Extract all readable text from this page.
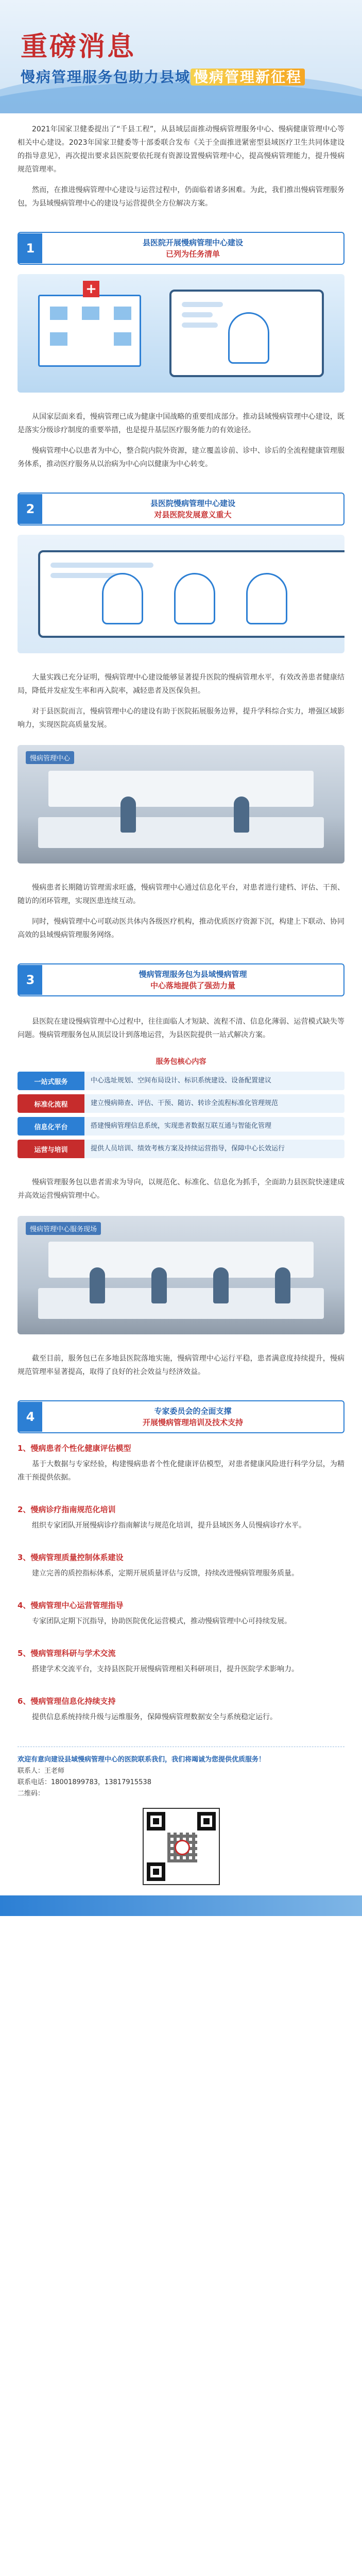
重磅消息
慢病管理服务包助力县域 慢病管理新征程

2021年国家卫健委提出了“千县工程”，从县域层面推动慢病管理服务中心、慢病健康管理中心等相关中心建设。2023年国家卫健委等十部委联合发布《关于全面推进紧密型县域医疗卫生共同体建设的指导意见》，再次提出要求县医院要依托现有资源设置慢病管理中心，提高慢病管理能力，提升慢病规范管理率。

然而，在推进慢病管理中心建设与运营过程中，仍面临着诸多困难。为此，我们推出慢病管理服务包，为县域慢病管理中心的建设与运营提供全方位解决方案。

1	县医院开展慢病管理中心建设
已列为任务清单
+

从国家层面来看，慢病管理已成为健康中国战略的重要组成部分。推动县域慢病管理中心建设，既是落实分级诊疗制度的重要举措，也是提升基层医疗服务能力的有效途径。

慢病管理中心以患者为中心，整合院内院外资源，建立覆盖诊前、诊中、诊后的全流程健康管理服务体系，推动医疗服务从以治病为中心向以健康为中心转变。

2	县医院慢病管理中心建设
对县医院发展意义重大

大量实践已充分证明，慢病管理中心建设能够显著提升医院的慢病管理水平，有效改善患者健康结局，降低并发症发生率和再入院率，减轻患者及医保负担。

对于县医院而言，慢病管理中心的建设有助于医院拓展服务边界，提升学科综合实力，增强区域影响力，实现医院高质量发展。

慢病管理中心

慢病患者长期随访管理需求旺盛，慢病管理中心通过信息化平台，对患者进行建档、评估、干预、随访的闭环管理，实现医患连续互动。

同时，慢病管理中心可联动医共体内各级医疗机构，推动优质医疗资源下沉，构建上下联动、协同高效的县域慢病管理服务网络。

3	慢病管理服务包为县域慢病管理
中心落地提供了强劲力量

县医院在建设慢病管理中心过程中，往往面临人才短缺、流程不清、信息化薄弱、运营模式缺失等问题。慢病管理服务包从顶层设计到落地运营，为县医院提供一站式解决方案。

服务包核心内容
一站式服务	中心选址规划、空间布局设计、标识系统建设、设备配置建议
标准化流程	建立慢病筛查、评估、干预、随访、转诊全流程标准化管理规范
信息化平台	搭建慢病管理信息系统，实现患者数据互联互通与智能化管理
运营与培训	提供人员培训、绩效考核方案及持续运营指导，保障中心长效运行

慢病管理服务包以患者需求为导向，以规范化、标准化、信息化为抓手，全面助力县医院快速建成并高效运营慢病管理中心。

慢病管理中心服务现场

截至目前，服务包已在多地县医院落地实施，慢病管理中心运行平稳，患者满意度持续提升，慢病规范管理率显著提高，取得了良好的社会效益与经济效益。

4	专家委员会的全面支撑
开展慢病管理培训及技术支持
1、慢病患者个性化健康评估模型

基于大数据与专家经验，构建慢病患者个性化健康评估模型，对患者健康风险进行科学分层，为精准干预提供依据。

2、慢病诊疗指南规范化培训

组织专家团队开展慢病诊疗指南解读与规范化培训，提升县域医务人员慢病诊疗水平。

3、慢病管理质量控制体系建设

建立完善的质控指标体系，定期开展质量评估与反馈，持续改进慢病管理服务质量。

4、慢病管理中心运营管理指导

专家团队定期下沉指导，协助医院优化运营模式，推动慢病管理中心可持续发展。

5、慢病管理科研与学术交流

搭建学术交流平台，支持县医院开展慢病管理相关科研项目，提升医院学术影响力。

6、慢病管理信息化持续支持

提供信息系统持续升级与运维服务，保障慢病管理数据安全与系统稳定运行。

欢迎有意向建设县域慢病管理中心的医院联系我们，我们将竭诚为您提供优质服务！

联系人：王老师

联系电话：18001899783，13817915538

二维码：
